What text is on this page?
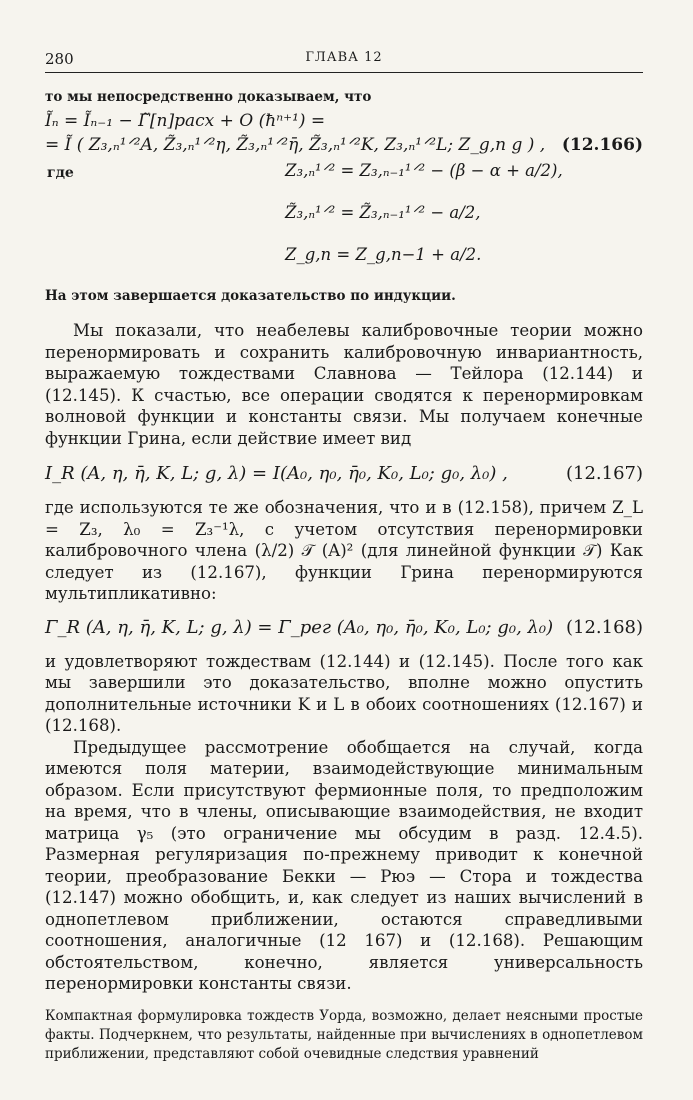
280	ГЛАВА 12

то мы непосредственно доказываем, что

Ĩₙ = Ĩₙ₋₁ − Γ̃[n]расх + O (ħⁿ⁺¹) =
= Ĩ ( Z₃,ₙ¹ᐟ²A, Z̃₃,ₙ¹ᐟ²η, Z̃₃,ₙ¹ᐟ²η̄, Z̃₃,ₙ¹ᐟ²K, Z₃,ₙ¹ᐟ²L; Z_g,n g ) , (12.166)
где	Z₃,ₙ¹ᐟ² = Z₃,ₙ₋₁¹ᐟ² − (β − α + a/2),
Z̃₃,ₙ¹ᐟ² = Z̃₃,ₙ₋₁¹ᐟ² − a/2,
Z_g,n = Z_g,n−1 + a/2.

На этом завершается доказательство по индукции.

Мы показали, что неабелевы калибровочные теории можно перенормировать и сохранить калибровочную инвариантность, выражаемую тождествами Славнова — Тейлора (12.144) и (12.145). К счастью, все операции сводятся к перенормировкам волновой функции и константы связи. Мы получаем конечные функции Грина, если действие имеет вид

I_R (A, η, η̄, K, L; g, λ) = I(A₀, η₀, η̄₀, K₀, L₀; g₀, λ₀) ,	(12.167)

где используются те же обозначения, что и в (12.158), причем Z_L = Z₃, λ₀ = Z₃⁻¹λ, с учетом отсутствия перенормировки калибровочного члена (λ/2) 𝒯 (A)² (для линейной функции 𝒯) Как следует из (12.167), функции Грина перенормируются мультипликативно:

Γ_R (A, η, η̄, K, L; g, λ) = Γ_рег (A₀, η₀, η̄₀, K₀, L₀; g₀, λ₀) (12.168)

и удовлетворяют тождествам (12.144) и (12.145). После того как мы завершили это доказательство, вполне можно опустить дополнительные источники K и L в обоих соотношениях (12.167) и (12.168).

Предыдущее рассмотрение обобщается на случай, когда имеются поля материи, взаимодействующие минимальным образом. Если присутствуют фермионные поля, то предположим на время, что в члены, описывающие взаимодействия, не входит матрица γ₅ (это ограничение мы обсудим в разд. 12.4.5). Размерная регуляризация по-прежнему приводит к конечной теории, преобразование Бекки — Рюэ — Стора и тождества (12.147) можно обобщить, и, как следует из наших вычислений в однопетлевом приближении, остаются справедливыми соотношения, аналогичные (12 167) и (12.168). Решающим обстоятельством, конечно, является универсальность перенормировки константы связи.

Компактная формулировка тождеств Уорда, возможно, делает неясными простые факты. Подчеркнем, что результаты, найденные при вычислениях в однопетлевом приближении, представляют собой очевидные следствия уравнений
